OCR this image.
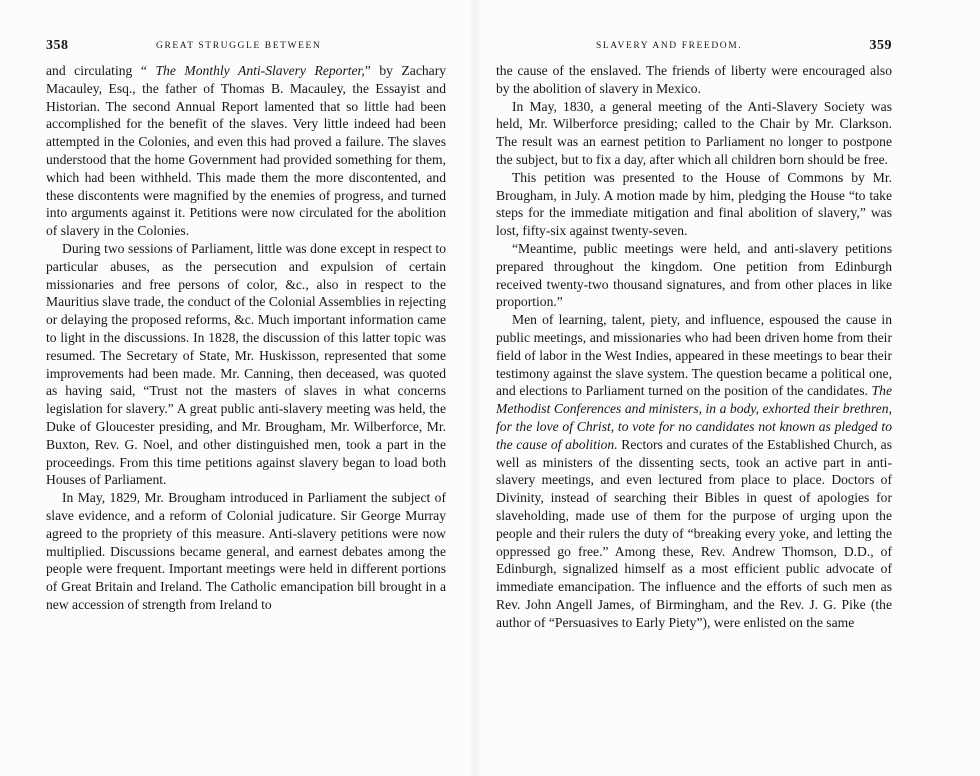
358	GREAT STRUGGLE BETWEEN

and circulating “ The Monthly Anti-Slavery Reporter,” by Zachary Macauley, Esq., the father of Thomas B. Macauley, the Essayist and Historian. The second Annual Report lamented that so little had been accomplished for the benefit of the slaves. Very little indeed had been attempted in the Colonies, and even this had proved a failure. The slaves understood that the home Government had provided something for them, which had been withheld. This made them the more discontented, and these discontents were magnified by the enemies of progress, and turned into arguments against it. Petitions were now circulated for the abolition of slavery in the Colonies.

During two sessions of Parliament, little was done except in respect to particular abuses, as the persecution and expulsion of certain missionaries and free persons of color, &c., also in respect to the Mauritius slave trade, the conduct of the Colonial Assemblies in rejecting or delaying the proposed reforms, &c. Much important information came to light in the discussions. In 1828, the discussion of this latter topic was resumed. The Secretary of State, Mr. Huskisson, represented that some improvements had been made. Mr. Canning, then deceased, was quoted as having said, “Trust not the masters of slaves in what concerns legislation for slavery.” A great public anti-slavery meeting was held, the Duke of Gloucester presiding, and Mr. Brougham, Mr. Wilberforce, Mr. Buxton, Rev. G. Noel, and other distinguished men, took a part in the proceedings. From this time petitions against slavery began to load both Houses of Parliament.

In May, 1829, Mr. Brougham introduced in Parliament the subject of slave evidence, and a reform of Colonial judicature. Sir George Murray agreed to the propriety of this measure. Anti-slavery petitions were now multiplied. Discussions became general, and earnest debates among the people were frequent. Important meetings were held in different portions of Great Britain and Ireland. The Catholic emancipation bill brought in a new accession of strength from Ireland to

SLAVERY AND FREEDOM.	359

the cause of the enslaved. The friends of liberty were encouraged also by the abolition of slavery in Mexico.

In May, 1830, a general meeting of the Anti-Slavery Society was held, Mr. Wilberforce presiding; called to the Chair by Mr. Clarkson. The result was an earnest petition to Parliament no longer to postpone the subject, but to fix a day, after which all children born should be free.

This petition was presented to the House of Commons by Mr. Brougham, in July. A motion made by him, pledging the House “to take steps for the immediate mitigation and final abolition of slavery,” was lost, fifty-six against twenty-seven.

“Meantime, public meetings were held, and anti-slavery petitions prepared throughout the kingdom. One petition from Edinburgh received twenty-two thousand signatures, and from other places in like proportion.”

Men of learning, talent, piety, and influence, espoused the cause in public meetings, and missionaries who had been driven home from their field of labor in the West Indies, appeared in these meetings to bear their testimony against the slave system. The question became a political one, and elections to Parliament turned on the position of the candidates. The Methodist Conferences and ministers, in a body, exhorted their brethren, for the love of Christ, to vote for no candidates not known as pledged to the cause of abolition. Rectors and curates of the Established Church, as well as ministers of the dissenting sects, took an active part in anti-slavery meetings, and even lectured from place to place. Doctors of Divinity, instead of searching their Bibles in quest of apologies for slaveholding, made use of them for the purpose of urging upon the people and their rulers the duty of “breaking every yoke, and letting the oppressed go free.” Among these, Rev. Andrew Thomson, D.D., of Edinburgh, signalized himself as a most efficient public advocate of immediate emancipation. The influence and the efforts of such men as Rev. John Angell James, of Birmingham, and the Rev. J. G. Pike (the author of “Persuasives to Early Piety”), were enlisted on the same
